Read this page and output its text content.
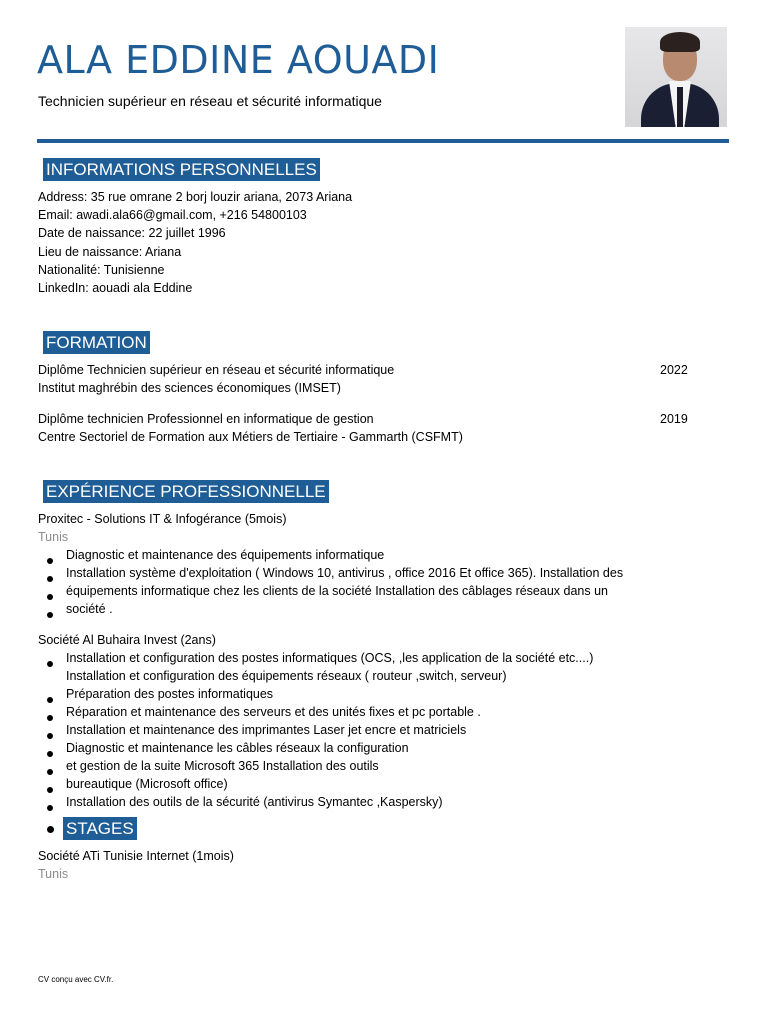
ALA EDDINE AOUADI
Technicien supérieur en réseau et sécurité informatique
INFORMATIONS PERSONNELLES
Address: 35 rue omrane 2 borj louzir ariana, 2073 Ariana
Email: awadi.ala66@gmail.com, +216 54800103
Date de naissance: 22 juillet 1996
Lieu de naissance: Ariana
Nationalité: Tunisienne
LinkedIn: aouadi ala Eddine
FORMATION
Diplôme Technicien supérieur en réseau et sécurité informatique	2022
Institut maghrébin des sciences économiques (IMSET)
Diplôme technicien Professionnel en informatique de gestion	2019
Centre Sectoriel de Formation aux Métiers de Tertiaire - Gammarth (CSFMT)
EXPÉRIENCE PROFESSIONNELLE
Proxitec - Solutions IT & Infogérance (5mois)
Tunis
Diagnostic et maintenance des équipements informatique
Installation système d'exploitation ( Windows 10, antivirus , office 2016 Et office 365). Installation des
équipements informatique chez les clients de la société Installation des câblages réseaux dans un
société .
Société Al Buhaira Invest (2ans)
Installation et configuration des postes informatiques (OCS, ,les application de la société etc....)
Installation et configuration des équipements réseaux ( routeur ,switch, serveur)
Préparation des postes informatiques
Réparation et maintenance des serveurs et des unités fixes et pc portable .
Installation et maintenance des imprimantes Laser jet encre et matriciels
Diagnostic et maintenance les câbles réseaux la configuration
et gestion de la suite Microsoft 365 Installation des outils
bureautique (Microsoft office)
Installation des outils de la sécurité (antivirus Symantec ,Kaspersky)
STAGES
Société ATi Tunisie Internet (1mois)
Tunis
CV conçu avec CV.fr.
